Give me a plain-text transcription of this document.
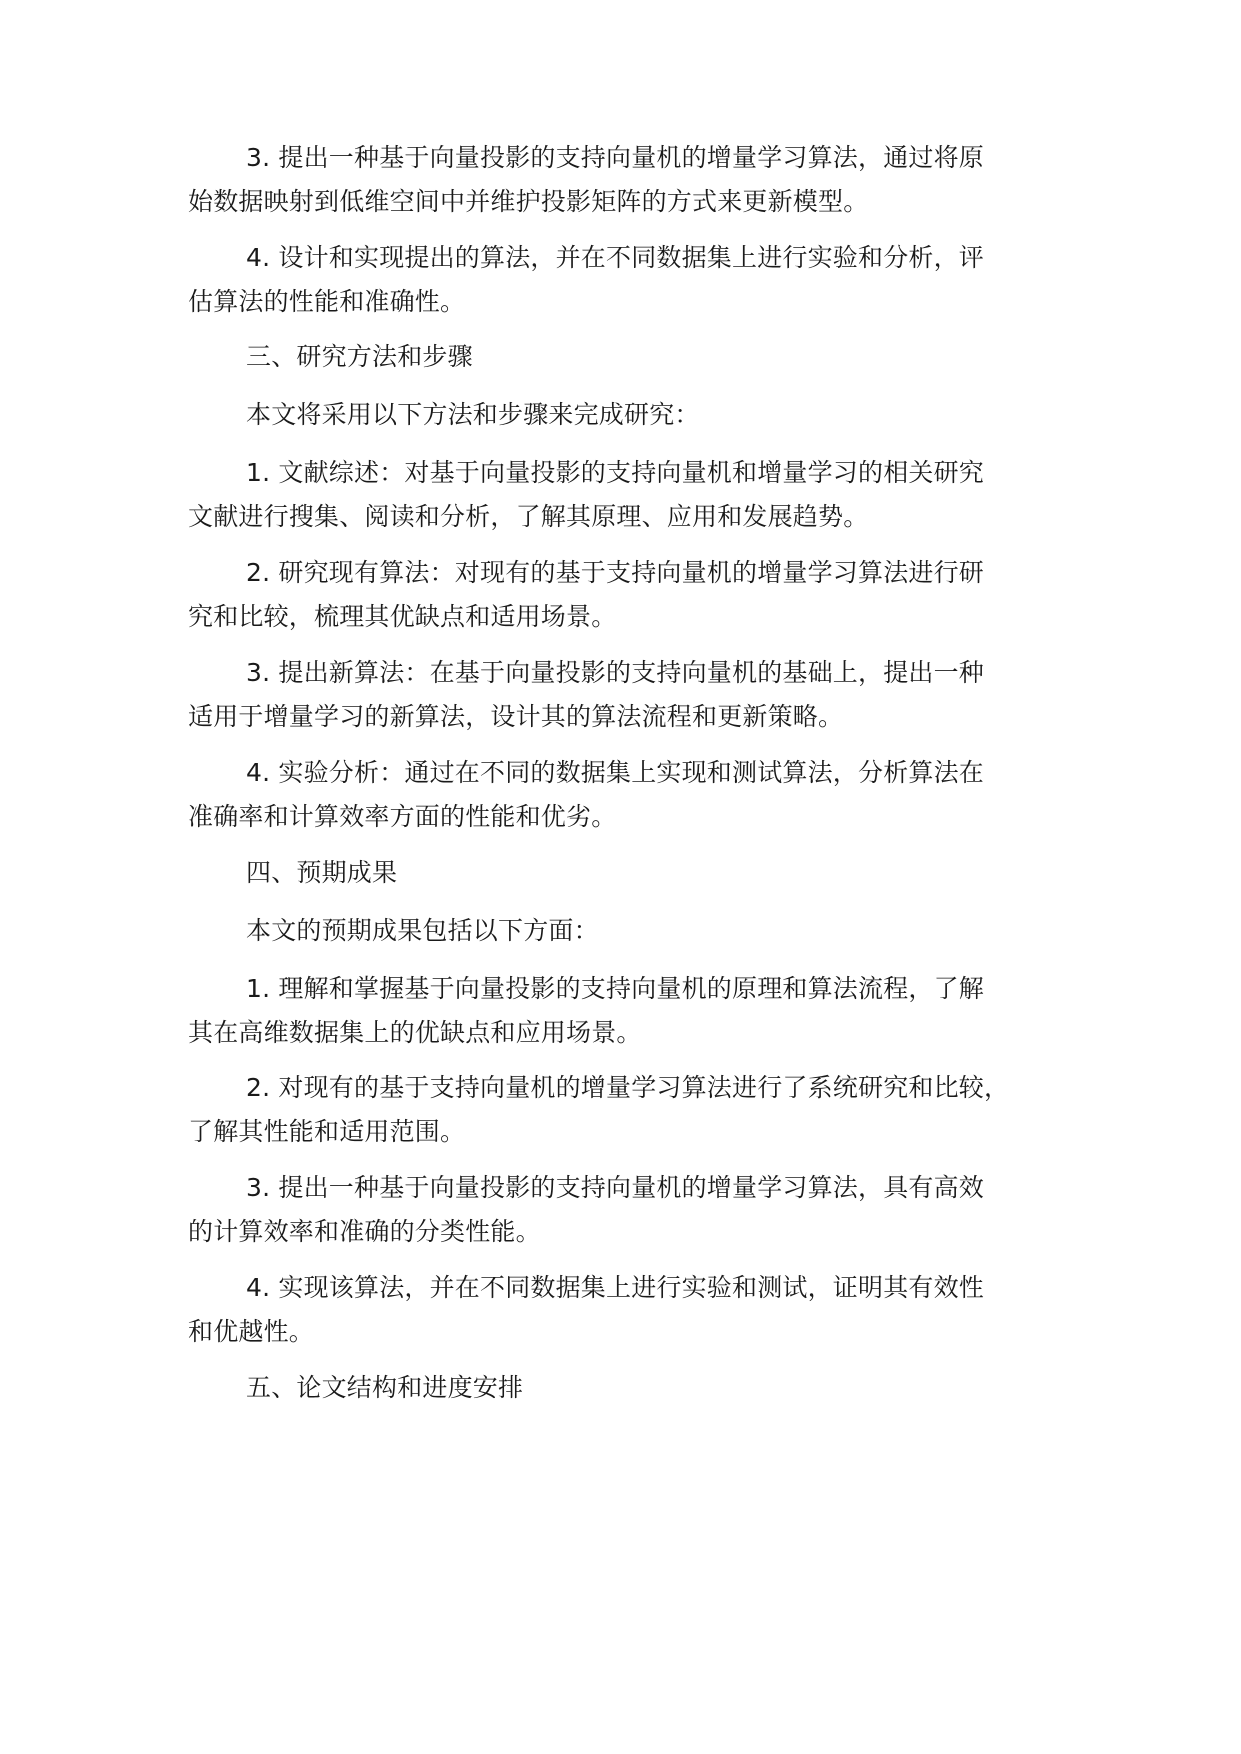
3. 提出一种基于向量投影的支持向量机的增量学习算法，通过将原
始数据映射到低维空间中并维护投影矩阵的方式来更新模型。

4. 设计和实现提出的算法，并在不同数据集上进行实验和分析，评
估算法的性能和准确性。

三、研究方法和步骤

本文将采用以下方法和步骤来完成研究：

1. 文献综述：对基于向量投影的支持向量机和增量学习的相关研究
文献进行搜集、阅读和分析，了解其原理、应用和发展趋势。

2. 研究现有算法：对现有的基于支持向量机的增量学习算法进行研
究和比较，梳理其优缺点和适用场景。

3. 提出新算法：在基于向量投影的支持向量机的基础上，提出一种
适用于增量学习的新算法，设计其的算法流程和更新策略。

4. 实验分析：通过在不同的数据集上实现和测试算法，分析算法在
准确率和计算效率方面的性能和优劣。

四、预期成果

本文的预期成果包括以下方面：

1. 理解和掌握基于向量投影的支持向量机的原理和算法流程，了解
其在高维数据集上的优缺点和应用场景。

2. 对现有的基于支持向量机的增量学习算法进行了系统研究和比较，
了解其性能和适用范围。

3. 提出一种基于向量投影的支持向量机的增量学习算法，具有高效
的计算效率和准确的分类性能。

4. 实现该算法，并在不同数据集上进行实验和测试，证明其有效性
和优越性。

五、论文结构和进度安排
